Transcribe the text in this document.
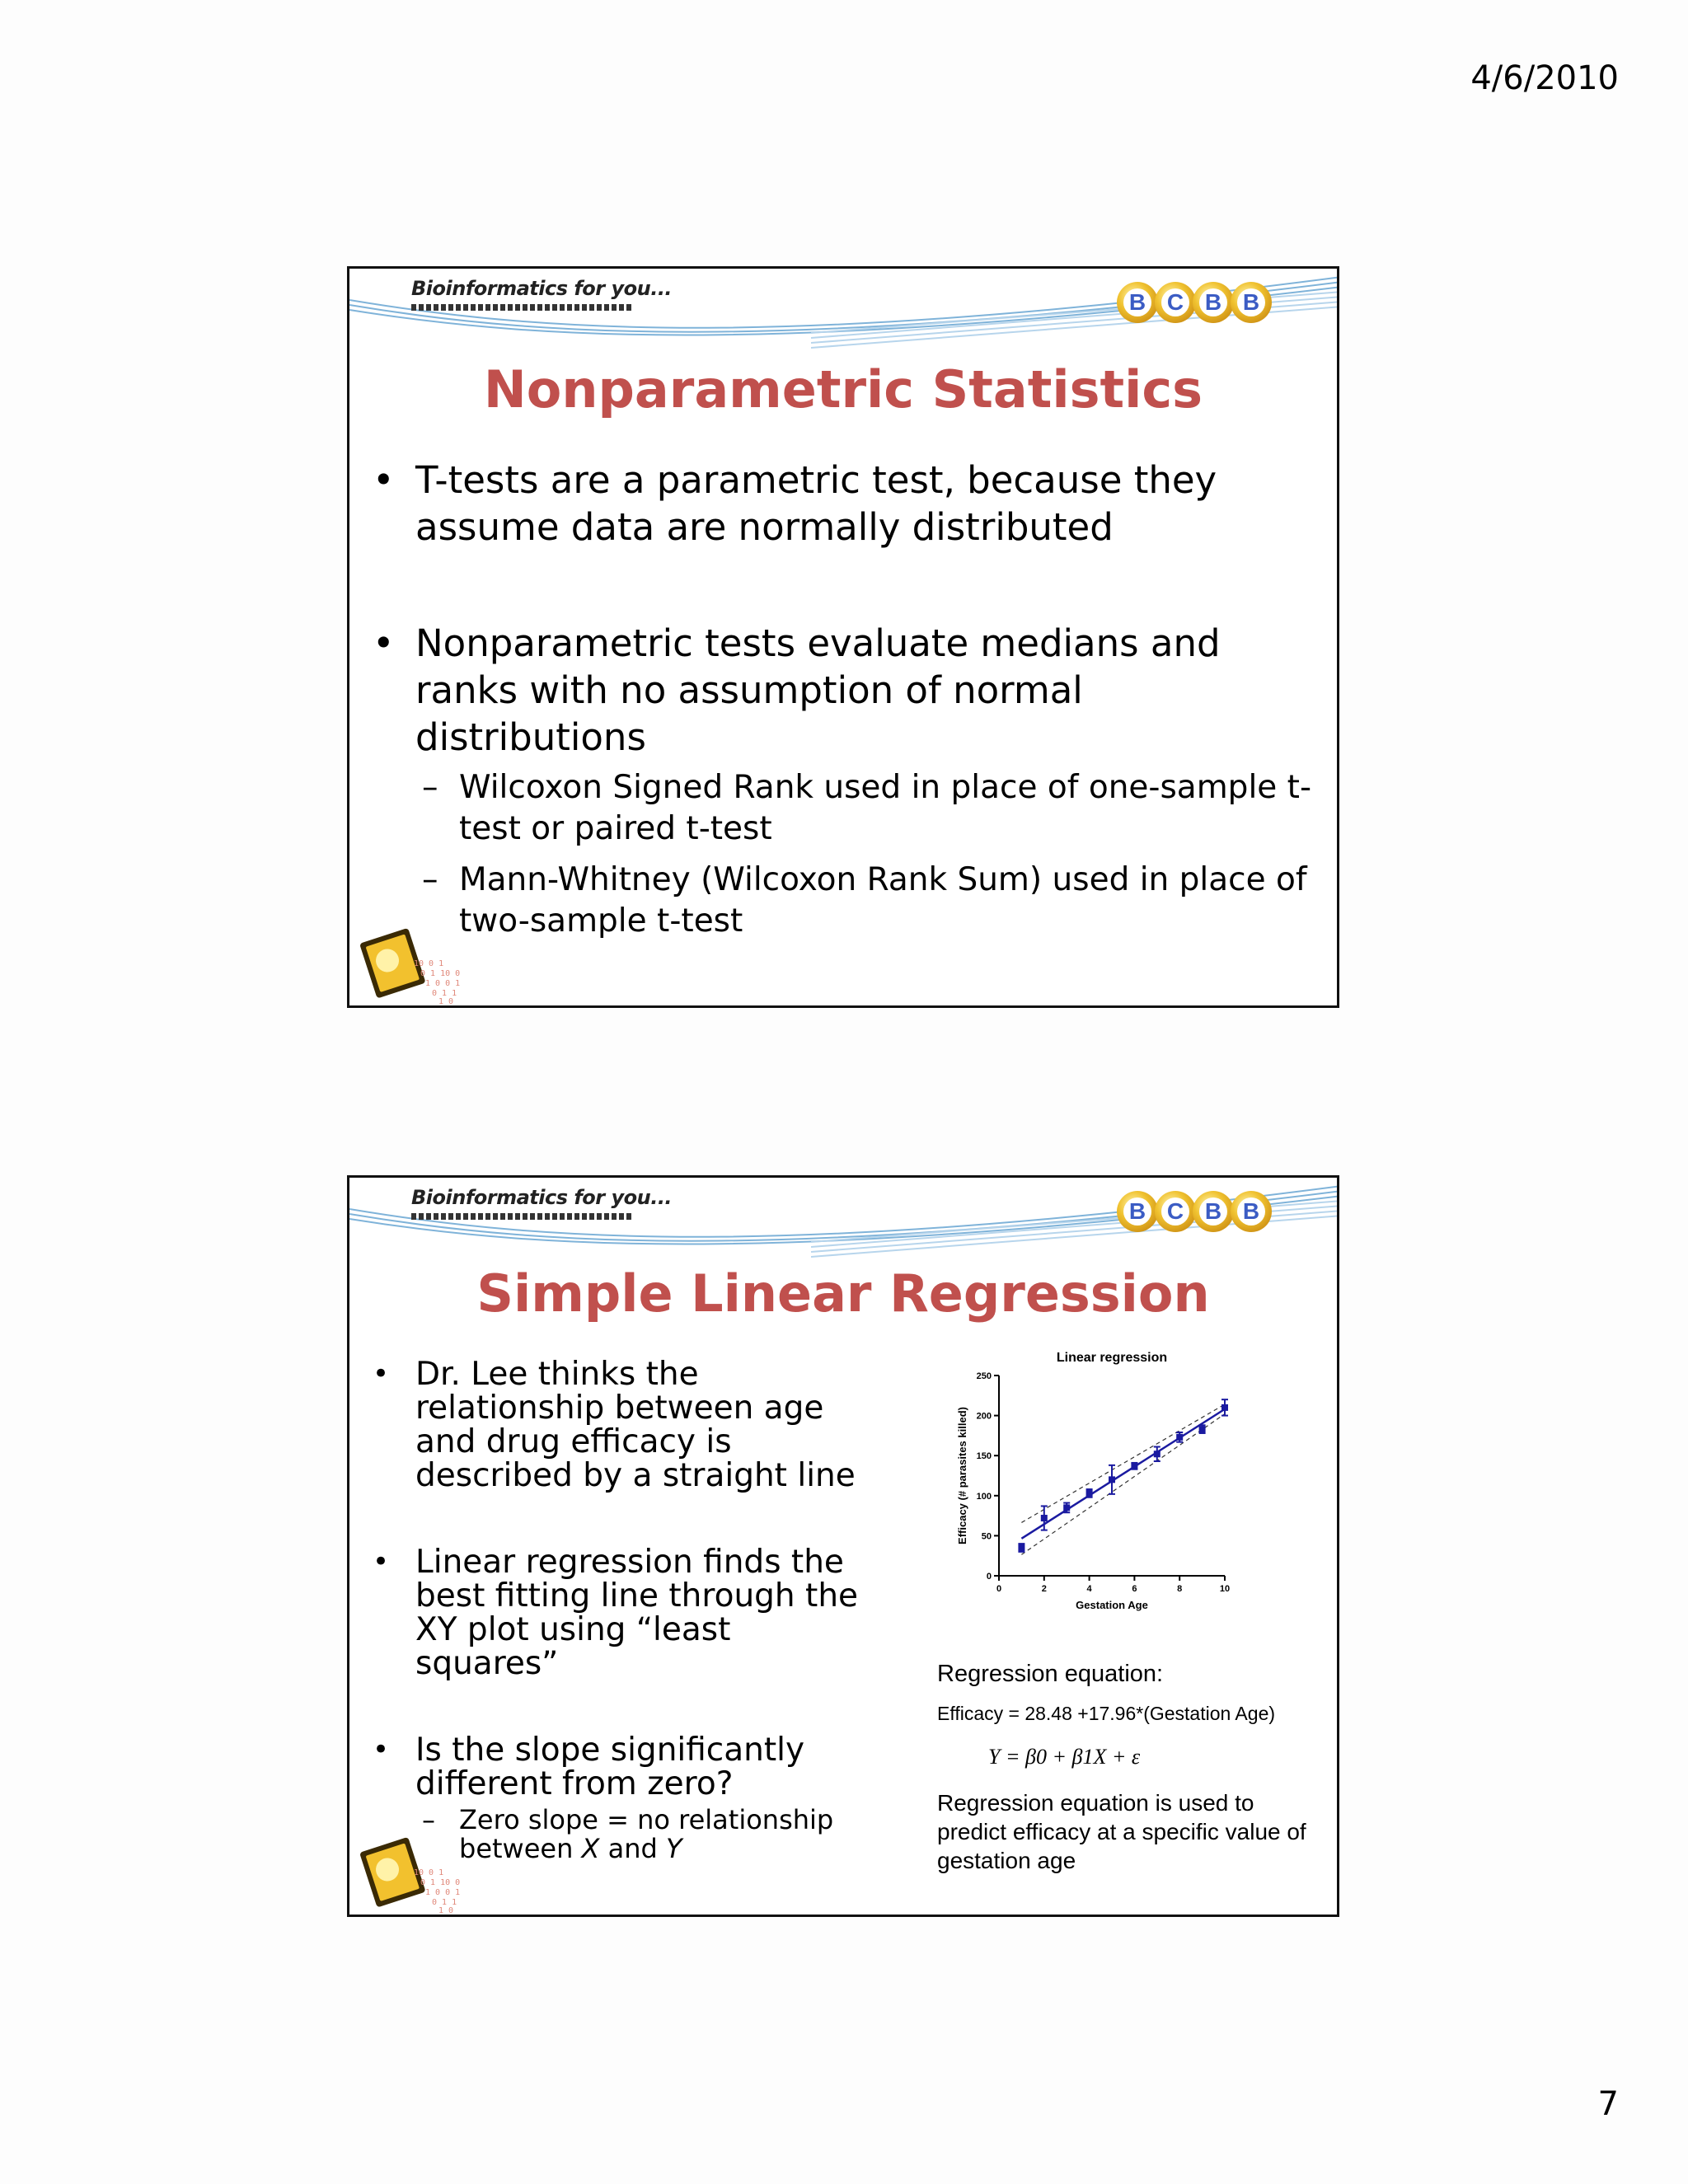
4/6/2010
Bioinformatics for you...
B C B B
Nonparametric Statistics
• T-tests are a parametric test, because they assume data are normally distributed
• Nonparametric tests evaluate medians and ranks with no assumption of normal distributions
– Wilcoxon Signed Rank used in place of one-sample t-test or paired t-test
– Mann-Whitney (Wilcoxon Rank Sum) used in place of two-sample t-test
10 0 1
0 1 10 0
1 0 0 1
0 1 1
1 0
Bioinformatics for you...
B C B B
Simple Linear Regression
• Dr. Lee thinks the relationship between age and drug efficacy is described by a straight line
• Linear regression finds the best fitting line through the XY plot using “least squares”
• Is the slope significantly different from zero?
– Zero slope = no relationship between X and Y
Linear regression
0
50
100
150
200
250
0	2	4	6	8	10
Gestation Age
Efficacy (# parasites killed)
Regression equation:
Efficacy = 28.48 +17.96*(Gestation Age)
Y = β0 + β1X + ε
Regression equation is used to predict efficacy at a specific value of gestation age
10 0 1
0 1 10 0
1 0 0 1
0 1 1
1 0
7
